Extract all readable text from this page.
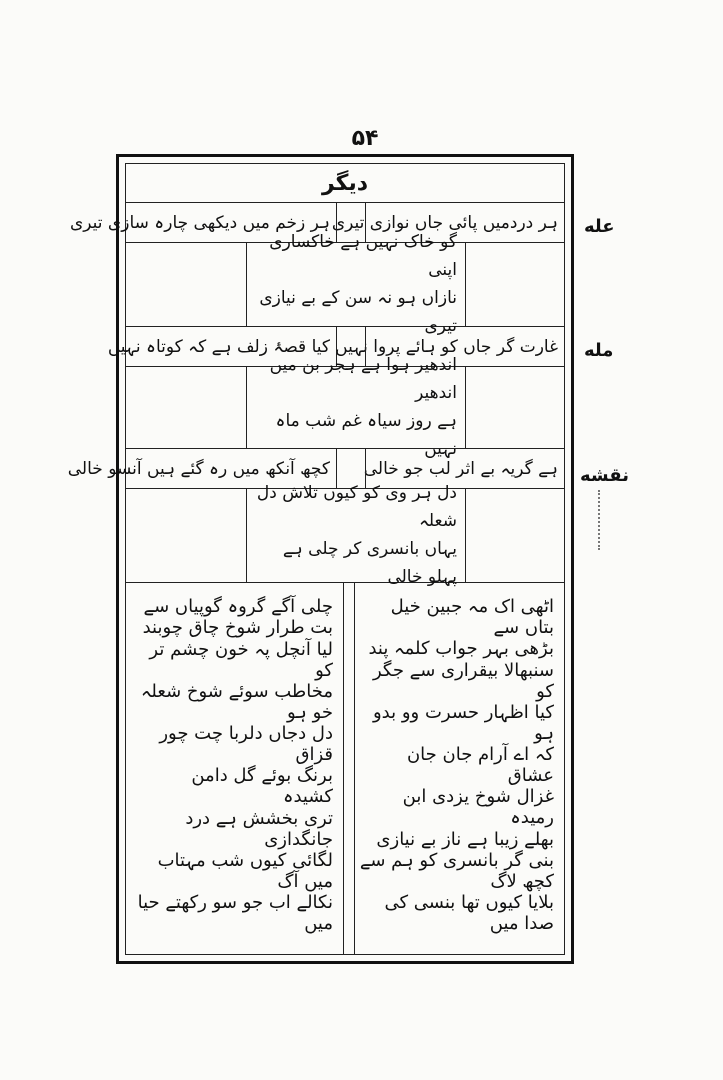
۵۴
عله
مله
نقشه
دیگر
ہر دردمیں پائی جاں نوازی تیری
ہر زخم میں دیکھی چارہ سازی تیری
گو خاک نہیں ہے خاکساری اپنی
نازاں ہو نہ سن کے بے نیازی تیری
غارت گر جاں کو ہائے پروا نہیں
کیا قصۂ زلف ہے کہ کوتاہ نہیں
اندھیر ہوا ہے ہجر بن میں اندھیر
ہے روز سیاہ غم شب ماہ نہیں
ہے گریہ بے اثر لب جو خالی
کچھ آنکھ میں رہ گئے ہیں آنسو خالی
دل ہر وی کو کیوں تلاش دل شعلہ
یہاں بانسری کر چلی ہے پہلو خالی
اٹھی اک مہ جبین خیل بتاں سے
بڑھی بہر جواب کلمہ پند
سنبھالا بیقراری سے جگر کو
کیا اظہار حسرت وو بدو ہو
کہ اے آرام جان جان عشاق
غزال شوخ یزدی ابن رمیدہ
بھلے زیبا ہے ناز بے نیازی
بنی گر بانسری کو ہم سے کچھ لاگ
بلایا کیوں تھا بنسی کی صدا میں
چلی آگے گروہ گوپیاں سے
بت طرار شوخ چاق چوبند
لیا آنچل پہ خون چشم تر کو
مخاطب سوئے شوخ شعلہ خو ہو
دل دجاں دلربا چت چور قزاق
برنگ بوئے گل دامن کشیدہ
تری بخشش ہے درد جانگدازی
لگائی کیوں شب مہتاب میں آگ
نکالے اب جو سو رکھتے حیا میں
